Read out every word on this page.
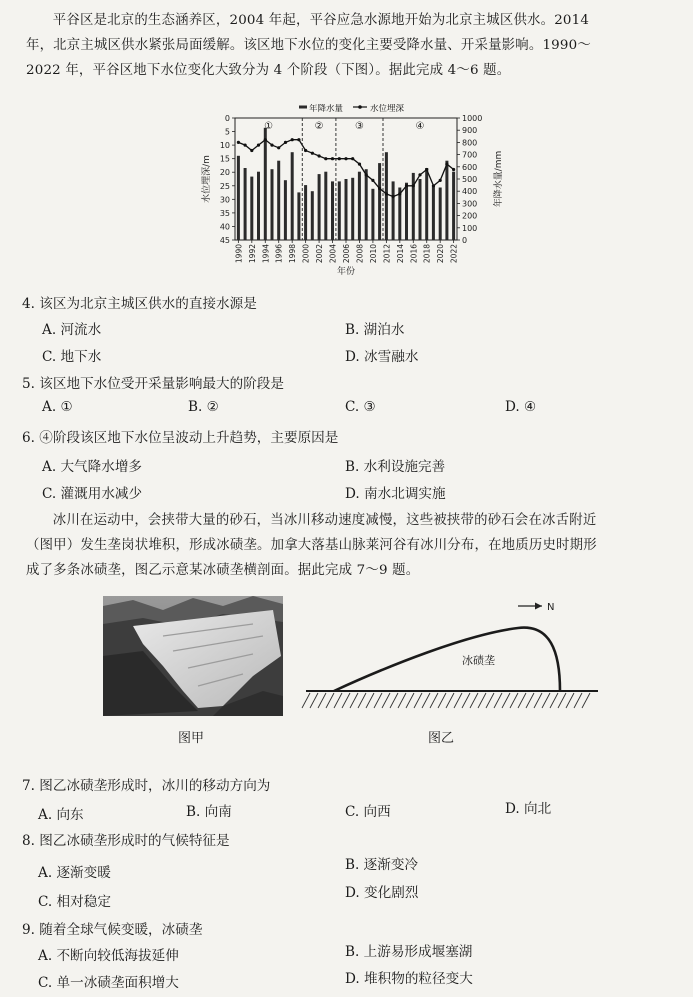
平谷区是北京的生态涵养区，2004 年起，平谷应急水源地开始为北京主城区供水。2014
年，北京主城区供水紧张局面缓解。该区地下水位的变化主要受降水量、开采量影响。1990～
2022 年，平谷区地下水位变化大致分为 4 个阶段（下图）。据此完成 4～6 题。
0
5
10
15
20
25
30
35
40
45	0
100
200
300
400
500
600
700
800
900
1000
1990 1992 1994 1996 1998 2000 2002 2004 2006 2008 2010 2012 2014 2016 2018 2020 2022
年份
水位埋深/m	年降水量/mm
①	②	③	④
年降水量	水位埋深
4. 该区为北京主城区供水的直接水源是
A. 河流水	B. 湖泊水
C. 地下水	D. 冰雪融水
5. 该区地下水位受开采量影响最大的阶段是
A. ①	B. ②	C. ③	D. ④
6. ④阶段该区地下水位呈波动上升趋势，主要原因是
A. 大气降水增多	B. 水利设施完善
C. 灌溉用水减少	D. 南水北调实施
冰川在运动中，会挟带大量的砂石，当冰川移动速度减慢，这些被挟带的砂石会在冰舌附近
（图甲）发生垄岗状堆积，形成冰碛垄。加拿大落基山脉莱河谷有冰川分布，在地质历史时期形
成了多条冰碛垄，图乙示意某冰碛垄横剖面。据此完成 7～9 题。
图甲
N
冰碛垄
图乙
7. 图乙冰碛垄形成时，冰川的移动方向为
A. 向东	B. 向南	C. 向西	D. 向北
8. 图乙冰碛垄形成时的气候特征是
A. 逐渐变暖	B. 逐渐变冷
C. 相对稳定
D. 变化剧烈
9. 随着全球气候变暖，冰碛垄
A. 不断向较低海拔延伸	B. 上游易形成堰塞湖
C. 单一冰碛垄面积增大	D. 堆积物的粒径变大
